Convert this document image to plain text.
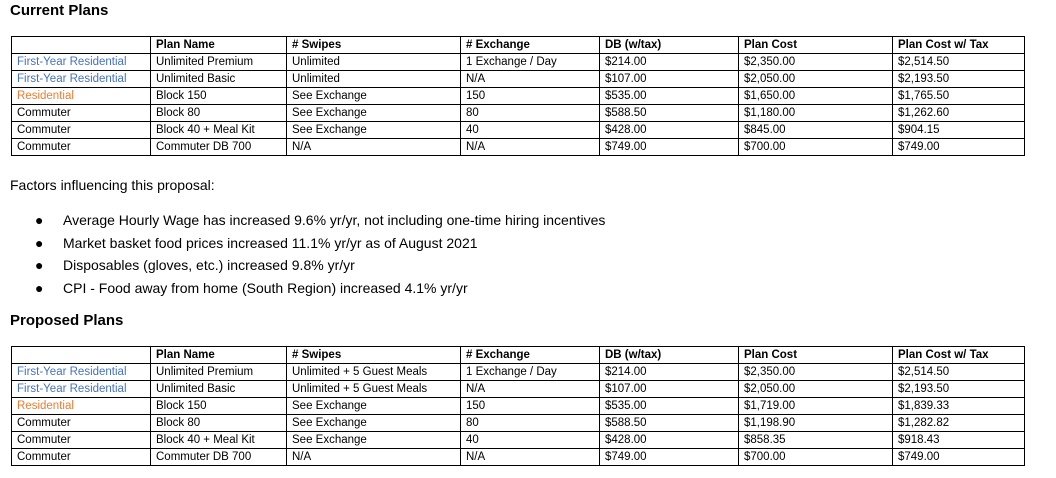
Current Plans
	Plan Name	# Swipes	# Exchange	DB (w/tax)	Plan Cost	Plan Cost w/ Tax
First-Year Residential	Unlimited Premium	Unlimited	1 Exchange / Day	$214.00	$2,350.00	$2,514.50
First-Year Residential	Unlimited Basic	Unlimited	N/A	$107.00	$2,050.00	$2,193.50
Residential	Block 150	See Exchange	150	$535.00	$1,650.00	$1,765.50
Commuter	Block 80	See Exchange	80	$588.50	$1,180.00	$1,262.60
Commuter	Block 40 + Meal Kit	See Exchange	40	$428.00	$845.00	$904.15
Commuter	Commuter DB 700	N/A	N/A	$749.00	$700.00	$749.00

Factors influencing this proposal:

● Average Hourly Wage has increased 9.6% yr/yr, not including one-time hiring incentives
● Market basket food prices increased 11.1% yr/yr as of August 2021
● Disposables (gloves, etc.) increased 9.8% yr/yr
● CPI - Food away from home (South Region) increased 4.1% yr/yr
Proposed Plans
	Plan Name	# Swipes	# Exchange	DB (w/tax)	Plan Cost	Plan Cost w/ Tax
First-Year Residential	Unlimited Premium	Unlimited + 5 Guest Meals	1 Exchange / Day	$214.00	$2,350.00	$2,514.50
First-Year Residential	Unlimited Basic	Unlimited + 5 Guest Meals	N/A	$107.00	$2,050.00	$2,193.50
Residential	Block 150	See Exchange	150	$535.00	$1,719.00	$1,839.33
Commuter	Block 80	See Exchange	80	$588.50	$1,198.90	$1,282.82
Commuter	Block 40 + Meal Kit	See Exchange	40	$428.00	$858.35	$918.43
Commuter	Commuter DB 700	N/A	N/A	$749.00	$700.00	$749.00
